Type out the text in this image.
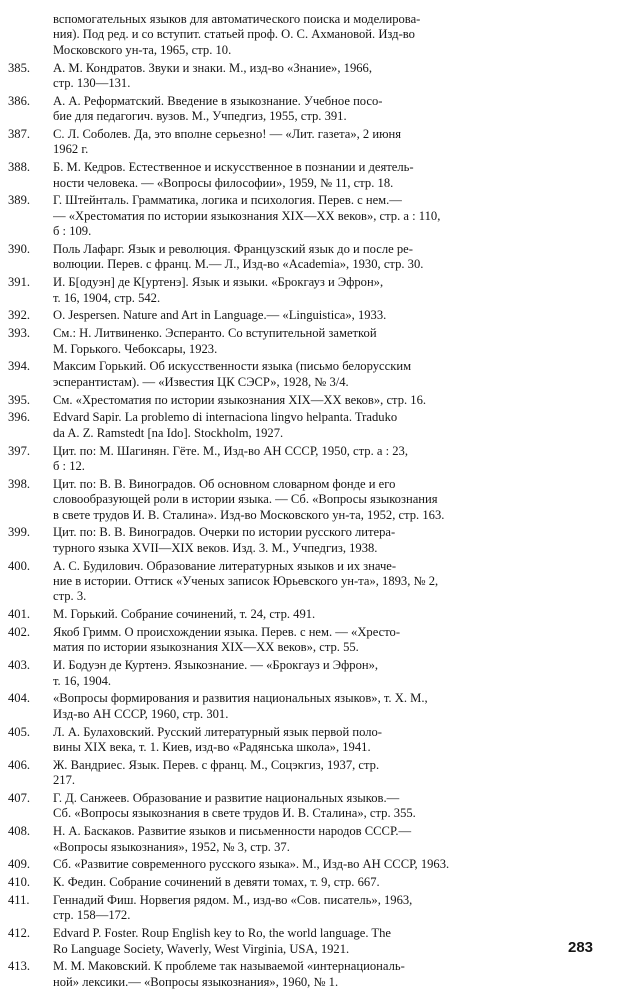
вспомогательных языков для автоматического поиска и моделирова-
ния). Под ред. и со вступит. статьей проф. О. С. Ахмановой. Изд-во
Московского ун-та, 1965, стр. 10.
385.	А. М. Кондратов. Звуки и знаки. М., изд-во «Знание», 1966,
стр. 130—131.
386.	А. А. Реформатский. Введение в языкознание. Учебное посо-
бие для педагогич. вузов. М., Учпедгиз, 1955, стр. 391.
387.	С. Л. Соболев. Да, это вполне серьезно! — «Лит. газета», 2 июня
1962 г.
388.	Б. М. Кедров. Естественное и искусственное в познании и деятель-
ности человека. — «Вопросы философии», 1959, № 11, стр. 18.
389.	Г. Штейнталь. Грамматика, логика и психология. Перев. с нем.—
— «Хрестоматия по истории языкознания XIX—XX веков», стр. а : 110,
б : 109.
390.	Поль Лафарг. Язык и революция. Французский язык до и после ре-
волюции. Перев. с франц. М.— Л., Изд-во «Academia», 1930, стр. 30.
391.	И. Б[одуэн] де К[уртенэ]. Язык и языки. «Брокгауз и Эфрон»,
т. 16, 1904, стр. 542.
392.	O. Jespersen. Nature and Art in Language.— «Linguistica», 1933.
393.	См.: Н. Литвиненко. Эсперанто. Со вступительной заметкой
М. Горького. Чебоксары, 1923.
394.	Максим Горький. Об искусственности языка (письмо белорусским
эсперантистам). — «Известия ЦК СЭСР», 1928, № 3/4.
395.	См. «Хрестоматия по истории языкознания XIX—XX веков», стр. 16.
396.	Edvard Sapir. La problemo di internaciona lingvo helpanta. Traduko
da A. Z. Ramstedt [na Ido]. Stockholm, 1927.
397.	Цит. по: М. Шагинян. Гёте. М., Изд-во АН СССР, 1950, стр. а : 23,
б : 12.
398.	Цит. по: В. В. Виноградов. Об основном словарном фонде и его
словообразующей роли в истории языка. — Сб. «Вопросы языкознания
в свете трудов И. В. Сталина». Изд-во Московского ун-та, 1952, стр. 163.
399.	Цит. по: В. В. Виноградов. Очерки по истории русского литера-
турного языка XVII—XIX веков. Изд. 3. М., Учпедгиз, 1938.
400.	А. С. Будилович. Образование литературных языков и их значе-
ние в истории. Оттиск «Ученых записок Юрьевского ун-та», 1893, № 2,
стр. 3.
401.	М. Горький. Собрание сочинений, т. 24, стр. 491.
402.	Якоб Гримм. О происхождении языка. Перев. с нем. — «Хресто-
матия по истории языкознания XIX—XX веков», стр. 55.
403.	И. Бодуэн де Куртенэ. Языкознание. — «Брокгауз и Эфрон»,
т. 16, 1904.
404.	«Вопросы формирования и развития национальных языков», т. X. М.,
Изд-во АН СССР, 1960, стр. 301.
405.	Л. А. Булаховский. Русский литературный язык первой поло-
вины XIX века, т. 1. Киев, изд-во «Радянська школа», 1941.
406.	Ж. Вандриес. Язык. Перев. с франц. М., Соцэкгиз, 1937, стр.
217.
407.	Г. Д. Санжеев. Образование и развитие национальных языков.—
Сб. «Вопросы языкознания в свете трудов И. В. Сталина», стр. 355.
408.	Н. А. Баскаков. Развитие языков и письменности народов СССР.—
«Вопросы языкознания», 1952, № 3, стр. 37.
409.	Сб. «Развитие современного русского языка». М., Изд-во АН СССР, 1963.
410.	К. Федин. Собрание сочинений в девяти томах, т. 9, стр. 667.
411.	Геннадий Фиш. Норвегия рядом. М., изд-во «Сов. писатель», 1963,
стр. 158—172.
412.	Edvard P. Foster. Roup English key to Ro, the world language. The
Ro Language Society, Waverly, West Virginia, USA, 1921.
413.	М. М. Маковский. К проблеме так называемой «интернациональ-
ной» лексики.— «Вопросы языкознания», 1960, № 1.
283
